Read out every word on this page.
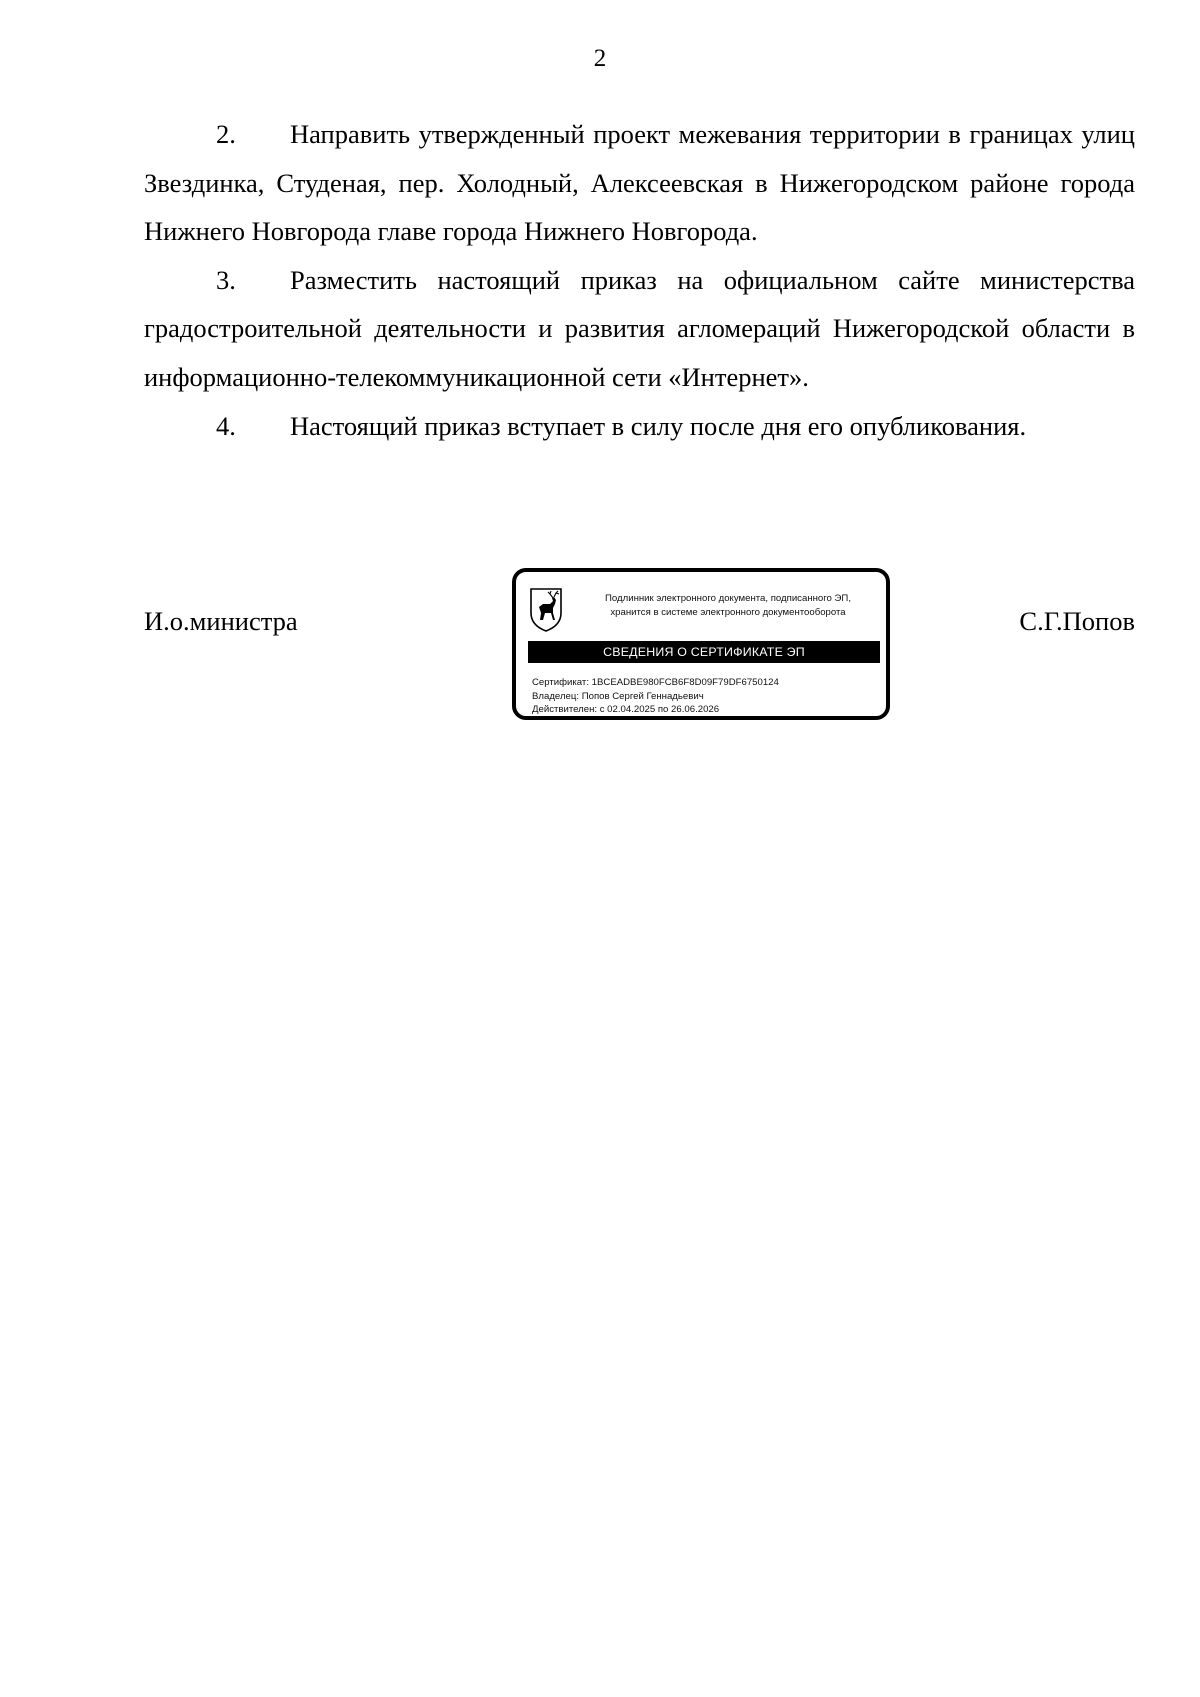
2

2. Направить утвержденный проект межевания территории в границах улиц Звездинка, Студеная, пер. Холодный, Алексеевская в Нижегородском районе города Нижнего Новгорода главе города Нижнего Новгорода.

3. Разместить настоящий приказ на официальном сайте министерства градостроительной деятельности и развития агломераций Нижегородской области в информационно-телекоммуникационной сети «Интернет».

4. Настоящий приказ вступает в силу после дня его опубликования.

И.о.министра	С.Г.Попов
Подлинник электронного документа, подписанного ЭП,
хранится в системе электронного документооборота
СВЕДЕНИЯ О СЕРТИФИКАТЕ ЭП
Сертификат: 1BCEADBE980FCB6F8D09F79DF6750124
Владелец: Попов Сергей Геннадьевич
Действителен: с 02.04.2025 по 26.06.2026
